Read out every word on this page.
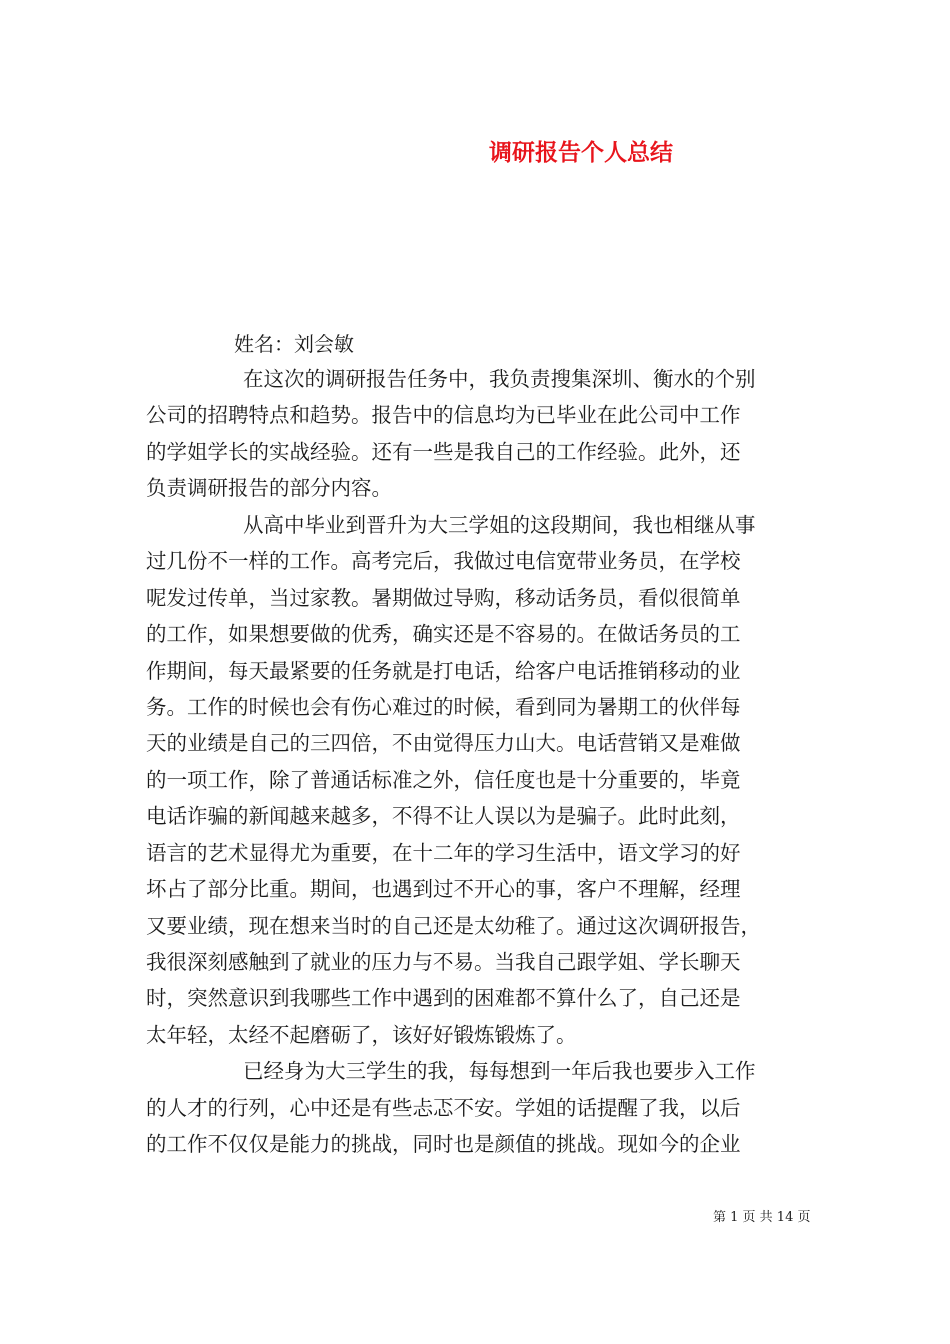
调研报告个人总结
姓名：刘会敏
在这次的调研报告任务中，我负责搜集深圳、衡水的个别
公司的招聘特点和趋势。报告中的信息均为已毕业在此公司中工作
的学姐学长的实战经验。还有一些是我自己的工作经验。此外，还
负责调研报告的部分内容。
从高中毕业到晋升为大三学姐的这段期间，我也相继从事
过几份不一样的工作。高考完后，我做过电信宽带业务员，在学校
呢发过传单，当过家教。暑期做过导购，移动话务员，看似很简单
的工作，如果想要做的优秀，确实还是不容易的。在做话务员的工
作期间，每天最紧要的任务就是打电话，给客户电话推销移动的业
务。工作的时候也会有伤心难过的时候，看到同为暑期工的伙伴每
天的业绩是自己的三四倍，不由觉得压力山大。电话营销又是难做
的一项工作，除了普通话标准之外，信任度也是十分重要的，毕竟
电话诈骗的新闻越来越多，不得不让人误以为是骗子。此时此刻，
语言的艺术显得尤为重要，在十二年的学习生活中，语文学习的好
坏占了部分比重。期间，也遇到过不开心的事，客户不理解，经理
又要业绩，现在想来当时的自己还是太幼稚了。通过这次调研报告，
我很深刻感触到了就业的压力与不易。当我自己跟学姐、学长聊天
时，突然意识到我哪些工作中遇到的困难都不算什么了，自己还是
太年轻，太经不起磨砺了，该好好锻炼锻炼了。
已经身为大三学生的我，每每想到一年后我也要步入工作
的人才的行列，心中还是有些忐忑不安。学姐的话提醒了我，以后
的工作不仅仅是能力的挑战，同时也是颜值的挑战。现如今的企业
第 1 页 共 14 页
